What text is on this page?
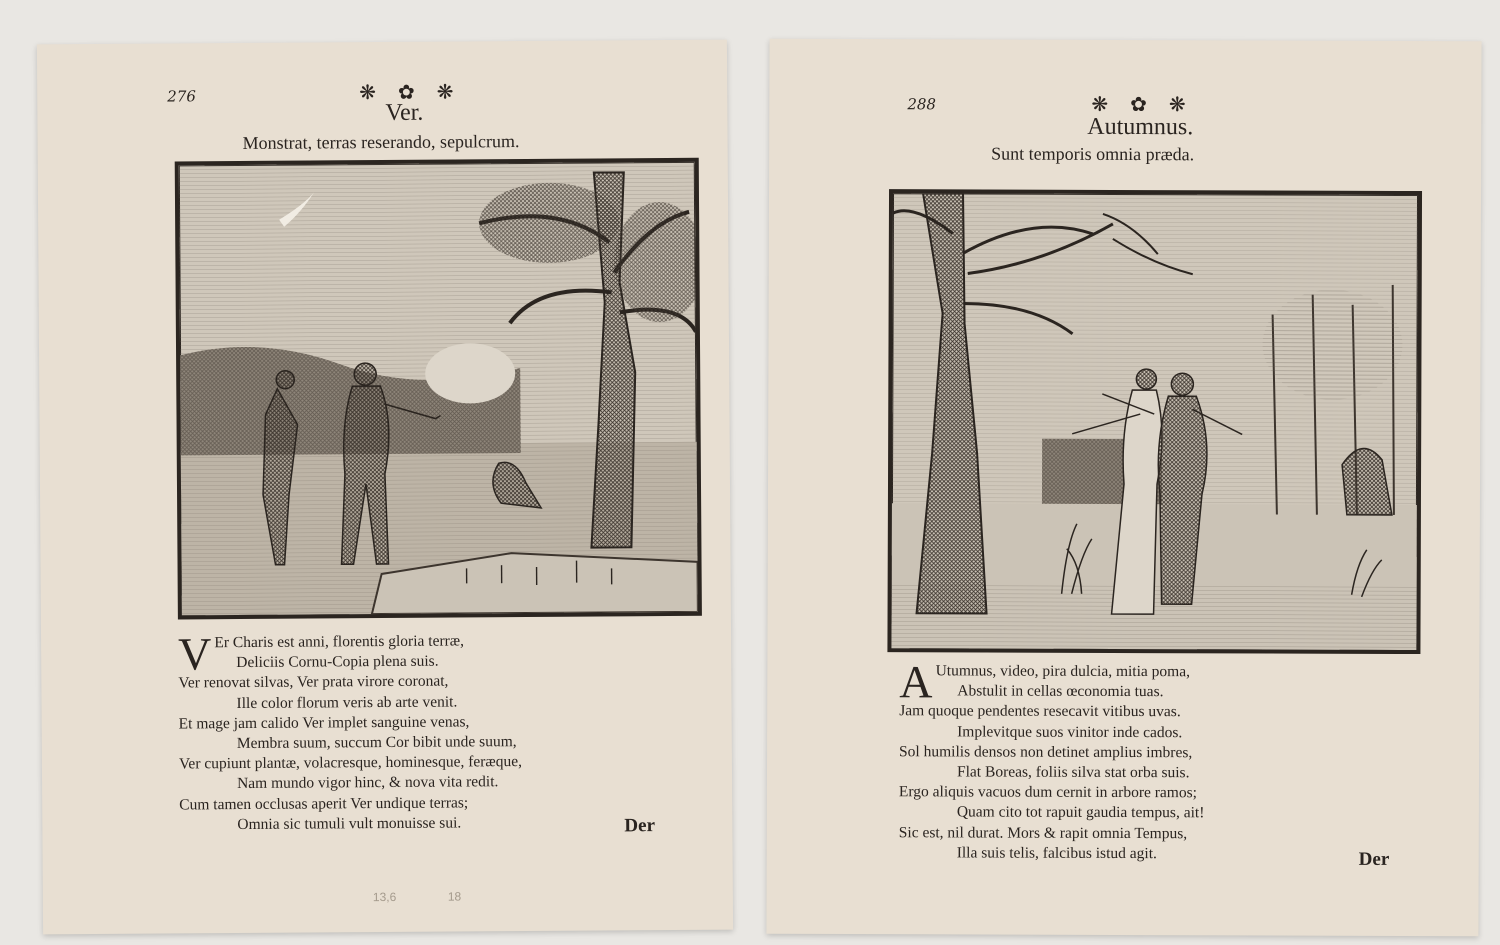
276	❋✿❋
Ver.
Monstrat, terras reserando, sepulcrum.
V Er Charis est anni, florentis gloria terræ,
Deliciis Cornu-Copia plena suis.
Ver renovat silvas, Ver prata virore coronat,
Ille color florum veris ab arte venit.
Et mage jam calido Ver implet sanguine venas,
Membra suum, succum Cor bibit unde suum,
Ver cupiunt plantæ, volacresque, hominesque, feræque,
Nam mundo vigor hinc, & nova vita redit.
Cum tamen occlusas aperit Ver undique terras;
Omnia sic tumuli vult monuisse sui.	Der
13,6	18
288	❋✿❋
Autumnus.
Sunt temporis omnia præda.
A Utumnus, video, pira dulcia, mitia poma,
Abstulit in cellas œconomia tuas.
Jam quoque pendentes resecavit vitibus uvas.
Implevitque suos vinitor inde cados.
Sol humilis densos non detinet amplius imbres,
Flat Boreas, foliis silva stat orba suis.
Ergo aliquis vacuos dum cernit in arbore ramos;
Quam cito tot rapuit gaudia tempus, ait!
Sic est, nil durat. Mors & rapit omnia Tempus,
Illa suis telis, falcibus istud agit.	Der
